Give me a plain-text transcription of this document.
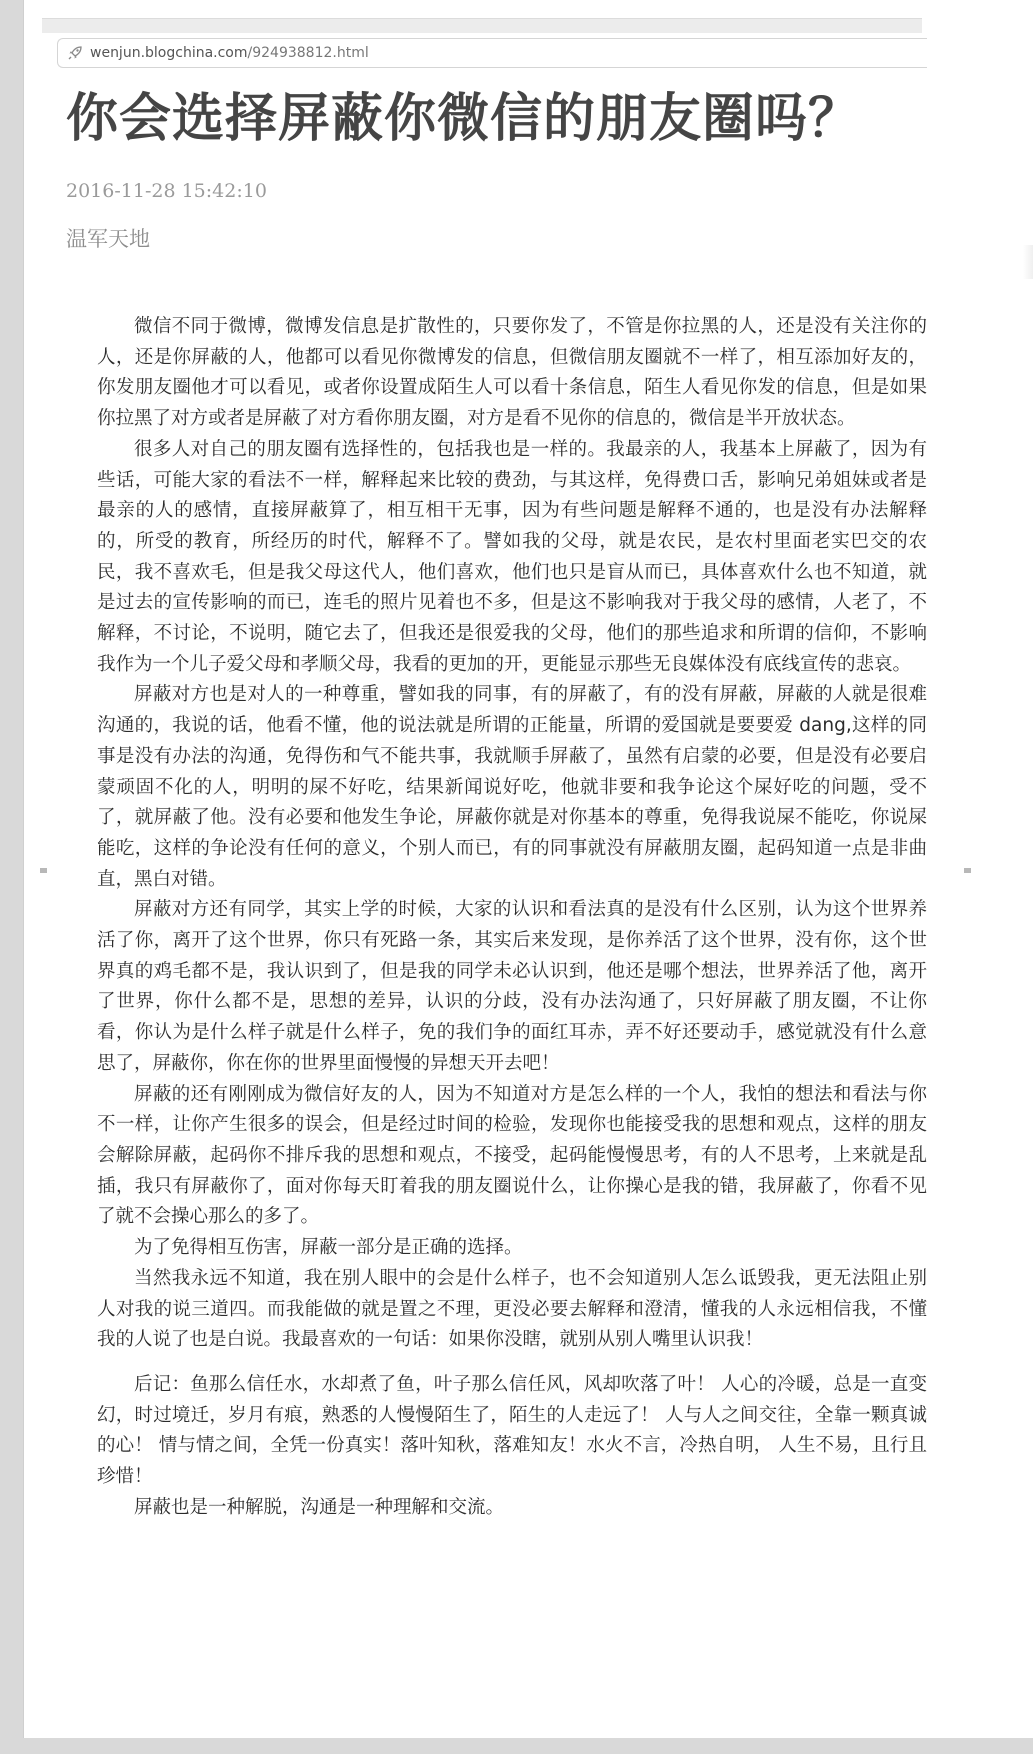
wenjun.blogchina.com/924938812.html
你会选择屏蔽你微信的朋友圈吗？
2016-11-28 15:42:10
温军天地

微信不同于微博，微博发信息是扩散性的，只要你发了，不管是你拉黑的人，还是没有关注你的人，还是你屏蔽的人，他都可以看见你微博发的信息，但微信朋友圈就不一样了，相互添加好友的，你发朋友圈他才可以看见，或者你设置成陌生人可以看十条信息，陌生人看见你发的信息，但是如果你拉黑了对方或者是屏蔽了对方看你朋友圈，对方是看不见你的信息的，微信是半开放状态。

很多人对自己的朋友圈有选择性的，包括我也是一样的。我最亲的人，我基本上屏蔽了，因为有些话，可能大家的看法不一样，解释起来比较的费劲，与其这样，免得费口舌，影响兄弟姐妹或者是最亲的人的感情，直接屏蔽算了，相互相干无事，因为有些问题是解释不通的，也是没有办法解释的，所受的教育，所经历的时代，解释不了。譬如我的父母，就是农民，是农村里面老实巴交的农民，我不喜欢毛，但是我父母这代人，他们喜欢，他们也只是盲从而已，具体喜欢什么也不知道，就是过去的宣传影响的而已，连毛的照片见着也不多，但是这不影响我对于我父母的感情，人老了，不解释，不讨论，不说明，随它去了，但我还是很爱我的父母，他们的那些追求和所谓的信仰，不影响我作为一个儿子爱父母和孝顺父母，我看的更加的开，更能显示那些无良媒体没有底线宣传的悲哀。

屏蔽对方也是对人的一种尊重，譬如我的同事，有的屏蔽了，有的没有屏蔽，屏蔽的人就是很难沟通的，我说的话，他看不懂，他的说法就是所谓的正能量，所谓的爱国就是要要爱 dang,这样的同事是没有办法的沟通，免得伤和气不能共事，我就顺手屏蔽了，虽然有启蒙的必要，但是没有必要启蒙顽固不化的人，明明的屎不好吃，结果新闻说好吃，他就非要和我争论这个屎好吃的问题，受不了，就屏蔽了他。没有必要和他发生争论，屏蔽你就是对你基本的尊重，免得我说屎不能吃，你说屎能吃，这样的争论没有任何的意义，个别人而已，有的同事就没有屏蔽朋友圈，起码知道一点是非曲直，黑白对错。

屏蔽对方还有同学，其实上学的时候，大家的认识和看法真的是没有什么区别，认为这个世界养活了你，离开了这个世界，你只有死路一条，其实后来发现，是你养活了这个世界，没有你，这个世界真的鸡毛都不是，我认识到了，但是我的同学未必认识到，他还是哪个想法，世界养活了他，离开了世界，你什么都不是，思想的差异，认识的分歧，没有办法沟通了，只好屏蔽了朋友圈，不让你看，你认为是什么样子就是什么样子，免的我们争的面红耳赤，弄不好还要动手，感觉就没有什么意思了，屏蔽你，你在你的世界里面慢慢的异想天开去吧！

屏蔽的还有刚刚成为微信好友的人，因为不知道对方是怎么样的一个人，我怕的想法和看法与你不一样，让你产生很多的误会，但是经过时间的检验，发现你也能接受我的思想和观点，这样的朋友会解除屏蔽，起码你不排斥我的思想和观点，不接受，起码能慢慢思考，有的人不思考，上来就是乱插，我只有屏蔽你了，面对你每天盯着我的朋友圈说什么，让你操心是我的错，我屏蔽了，你看不见了就不会操心那么的多了。

为了免得相互伤害，屏蔽一部分是正确的选择。

当然我永远不知道，我在别人眼中的会是什么样子，也不会知道别人怎么诋毁我，更无法阻止别人对我的说三道四。而我能做的就是置之不理，更没必要去解释和澄清，懂我的人永远相信我，不懂我的人说了也是白说。我最喜欢的一句话：如果你没瞎，就别从别人嘴里认识我！

后记：鱼那么信任水，水却煮了鱼，叶子那么信任风，风却吹落了叶！ 人心的冷暖，总是一直变幻，时过境迁，岁月有痕，熟悉的人慢慢陌生了，陌生的人走远了！ 人与人之间交往，全靠一颗真诚的心！ 情与情之间，全凭一份真实！落叶知秋，落难知友！水火不言，冷热自明， 人生不易，且行且珍惜！

屏蔽也是一种解脱，沟通是一种理解和交流。
